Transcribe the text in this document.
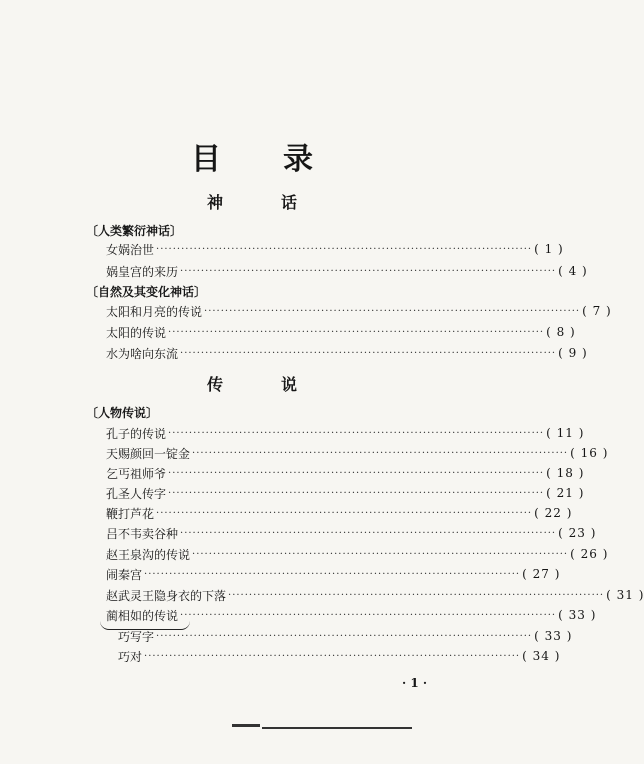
目 录
神	话
〔人类繁衍神话〕
女娲治世 ·························································································· ( 1 )
娲皇宫的来历 ·························································································· ( 4 )
〔自然及其变化神话〕
太阳和月亮的传说 ·························································································· ( 7 )
太阳的传说 ·························································································· ( 8 )
水为啥向东流 ·························································································· ( 9 )
传	说
〔人物传说〕
孔子的传说 ·························································································· ( 11 )
天赐颜回一锭金 ·························································································· ( 16 )
乞丐祖师爷 ·························································································· ( 18 )
孔圣人传字 ·························································································· ( 21 )
鞭打芦花 ·························································································· ( 22 )
吕不韦卖谷种 ·························································································· ( 23 )
赵王泉沟的传说 ·························································································· ( 26 )
闹秦宫 ·························································································· ( 27 )
赵武灵王隐身衣的下落 ·························································································· ( 31 )
蔺相如的传说 ·························································································· ( 33 )
巧写字 ·························································································· ( 33 )
巧对 ·························································································· ( 34 )
· 1 ·
